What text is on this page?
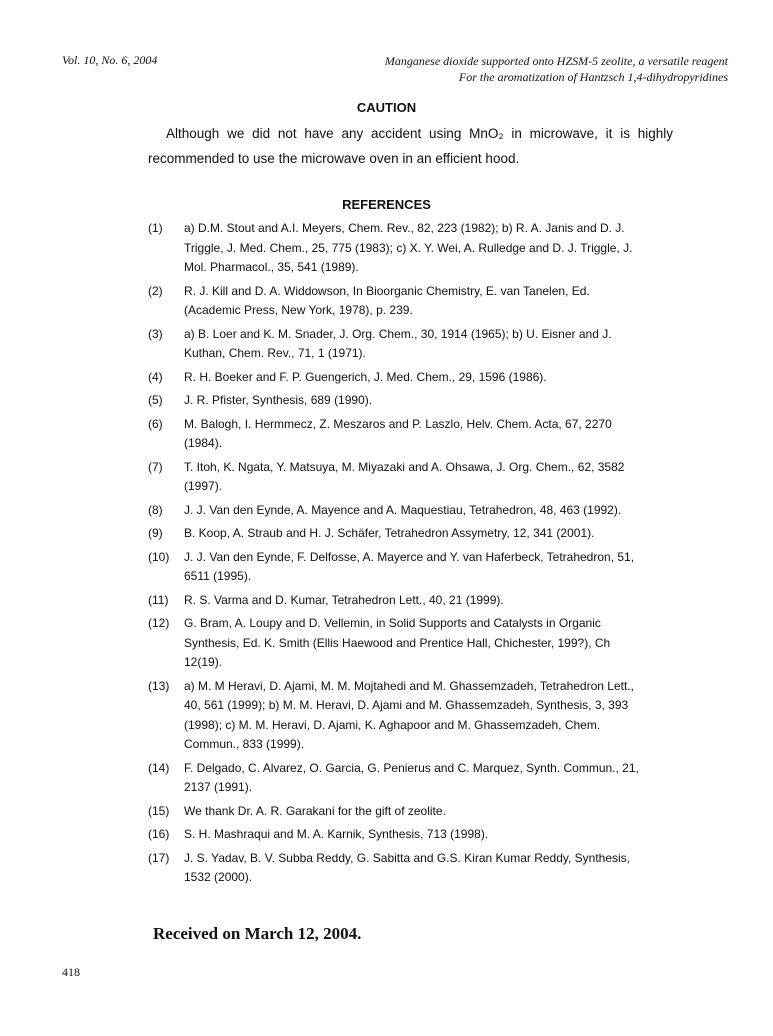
Vol. 10, No. 6, 2004	Manganese dioxide supported onto HZSM-5 zeolite, a versatile reagent
For the aromatization of Hantzsch 1,4-dihydropyridines
CAUTION

Although we did not have any accident using MnO₂ in microwave, it is highly

recommended to use the microwave oven in an efficient hood.

REFERENCES
(1)	a) D.M. Stout and A.I. Meyers, Chem. Rev., 82, 223 (1982); b) R. A. Janis and D. J.
Triggle, J. Med. Chem., 25, 775 (1983); c) X. Y. Wei, A. Rulledge and D. J. Triggle, J.
Mol. Pharmacol., 35, 541 (1989).
(2)	R. J. Kill and D. A. Widdowson, In Bioorganic Chemistry, E. van Tanelen, Ed.
(Academic Press, New York, 1978), p. 239.
(3)	a) B. Loer and K. M. Snader, J. Org. Chem., 30, 1914 (1965); b) U. Eisner and J.
Kuthan, Chem. Rev., 71, 1 (1971).
(4)	R. H. Boeker and F. P. Guengerich, J. Med. Chem., 29, 1596 (1986).
(5)	J. R. Pfister, Synthesis, 689 (1990).
(6)	M. Balogh, I. Hermmecz, Z. Meszaros and P. Laszlo, Helv. Chem. Acta, 67, 2270
(1984).
(7)	T. Itoh, K. Ngata, Y. Matsuya, M. Miyazaki and A. Ohsawa, J. Org. Chem., 62, 3582
(1997).
(8)	J. J. Van den Eynde, A. Mayence and A. Maquestiau, Tetrahedron, 48, 463 (1992).
(9)	B. Koop, A. Straub and H. J. Schäfer, Tetrahedron Assymetry, 12, 341 (2001).
(10)	J. J. Van den Eynde, F. Delfosse, A. Mayerce and Y. van Haferbeck, Tetrahedron, 51,
6511 (1995).
(11)	R. S. Varma and D. Kumar, Tetrahedron Lett., 40, 21 (1999).
(12)	G. Bram, A. Loupy and D. Vellemin, in Solid Supports and Catalysts in Organic
Synthesis, Ed. K. Smith (Ellis Haewood and Prentice Hall, Chichester, 199?), Ch
12(19).
(13)	a) M. M Heravi, D. Ajami, M. M. Mojtahedi and M. Ghassemzadeh, Tetrahedron Lett.,
40, 561 (1999); b) M. M. Heravi, D. Ajami and M. Ghassemzadeh, Synthesis, 3, 393
(1998); c) M. M. Heravi, D. Ajami, K. Aghapoor and M. Ghassemzadeh, Chem.
Commun., 833 (1999).
(14)	F. Delgado, C. Alvarez, O. Garcia, G. Penierus and C. Marquez, Synth. Commun., 21,
2137 (1991).
(15)	We thank Dr. A. R. Garakani for the gift of zeolite.
(16)	S. H. Mashraqui and M. A. Karnik, Synthesis, 713 (1998).
(17)	J. S. Yadav, B. V. Subba Reddy, G. Sabitta and G.S. Kiran Kumar Reddy, Synthesis,
1532 (2000).
Received on March 12, 2004.
418
